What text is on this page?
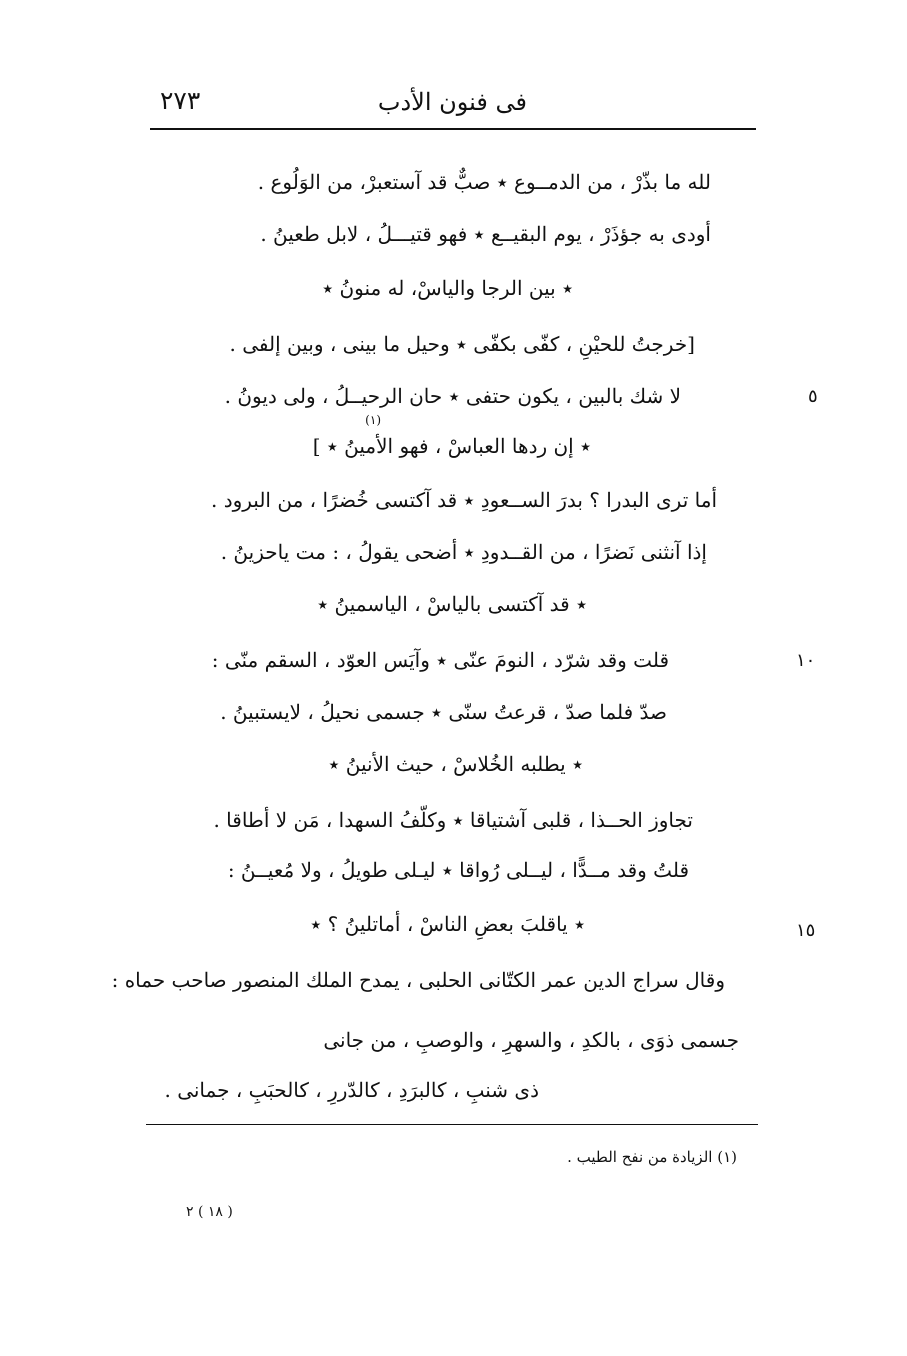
فى فنون الأدب
٢٧٣
لله ما بذّرْ ، من الدمــوع ٭ صبٌّ قد آستعبرْ، من الوَلُوع .
أودى به جؤذَرْ ، يوم البقيــع ٭ فهو قتيـــلُ ، لابل طعينُ .
٭ بين الرجا والياسْ، له منونُ ٭
[خرجتُ للحيْنِ ، كفّى بكفّى ٭ وحيل ما بينى ، وبين إلفى .
لا شك بالبين ، يكون حتفى ٭ حان الرحيــلُ ، ولى ديونُ .	٥
٭ إن ردها العباسْ ، فهو الأمينُ ٭ ]
(١)
أما ترى البدرا ؟ بدرَ الســعودِ ٭ قد آكتسى خُضرًا ، من البرود .
إذا آنثنى نَضرًا ، من القــدودِ ٭ أضحى يقولُ ، : مت ياحزينُ .
٭ قد آكتسى بالياسْ ، الياسمينُ ٭
قلت وقد شرّد ، النومَ عنّى ٭ وآيَس العوّد ، السقم منّى :	١٠
صدّ فلما صدّ ، قرعتُ سنّى ٭ جسمى نحيلُ ، لايستبينُ .
٭ يطلبه الخُلاسْ ، حيث الأنينُ ٭
تجاوز الحــذا ، قلبى آشتياقا ٭ وكلّفُ السهدا ، مَن لا أطاقا .
قلتُ وقد مــدًّا ، ليــلى رُواقا ٭ ليـلى طويلُ ، ولا مُعيــنُ :
٭ ياقلبَ بعضِ الناسْ ، أماتلينُ ؟ ٭	١٥
وقال سراج الدين عمر الكتّانى الحلبى ، يمدح الملك المنصور صاحب حماه :
جسمى ذوَى ، بالكدِ ، والسهرِ ، والوصبِ ، من جانى
ذى شنبِ ، كالبرَدِ ، كالدّررِ ، كالحبَبِ ، جمانى .
(١) الزيادة من نفح الطيب .
( ١٨ ) ٢
